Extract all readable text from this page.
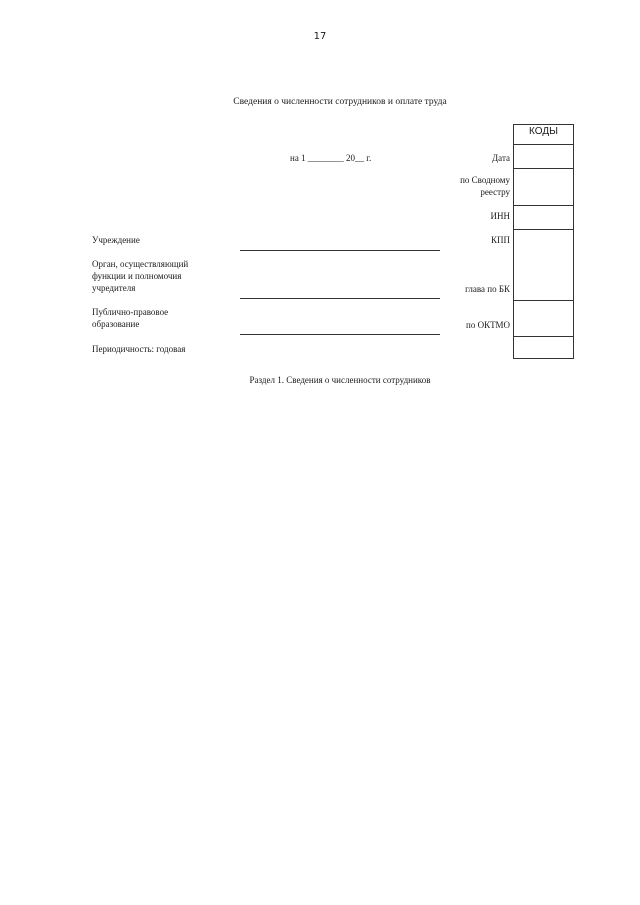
17
Сведения о численности сотрудников и оплате труда
на 1 ________ 20__ г.
КОДЫ
Дата
по Сводному
реестру
ИНН
КПП
глава по БК
по ОКТМО
Учреждение
Орган, осуществляющий
функции и полномочия
учредителя
Публично-правовое
образование
Периодичность: годовая
Раздел 1. Сведения о численности сотрудников
